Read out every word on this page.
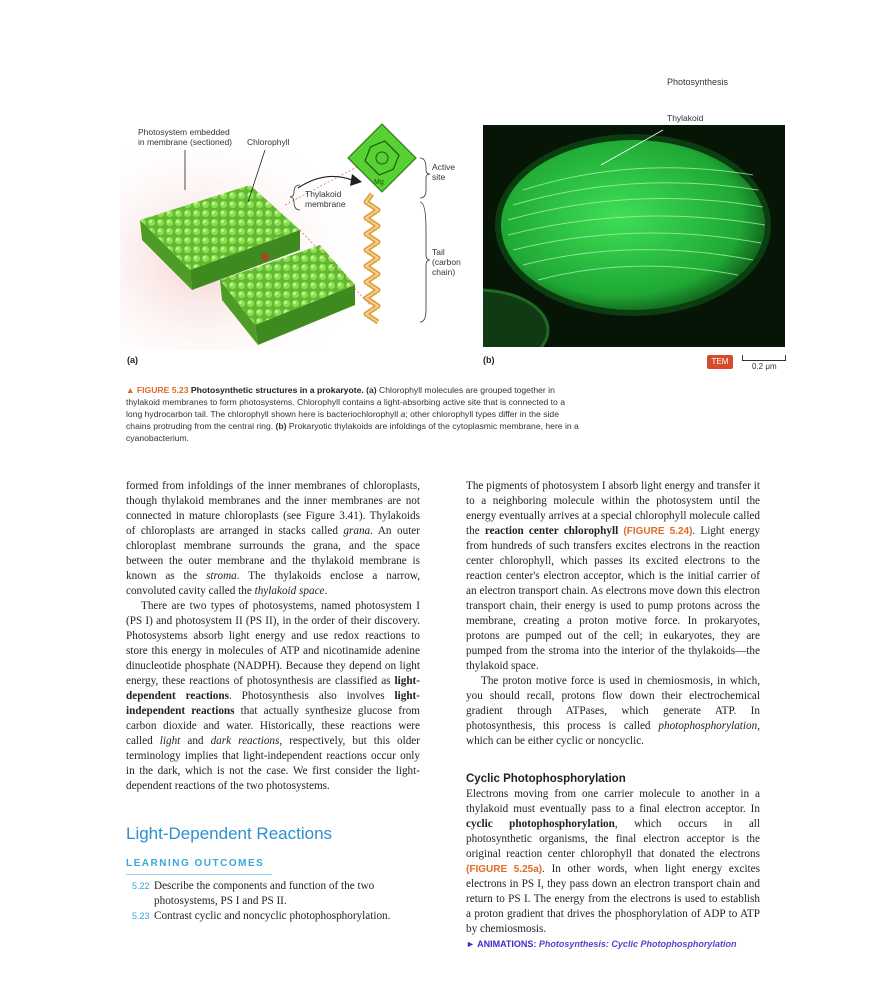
Photosynthesis
Photosystem embedded
in membrane (sectioned) Chlorophyll
Thylakoid
membrane
Active
site
Tail
(carbon
chain)
Mg
(a)
Thylakoid
(b)	TEM
0.2 μm
▲ FIGURE 5.23 Photosynthetic structures in a prokaryote. (a) Chlorophyll molecules are grouped together in thylakoid membranes to form photosystems. Chlorophyll contains a light-absorbing active site that is connected to a long hydrocarbon tail. The chlorophyll shown here is bacteriochlorophyll a; other chlorophyll types differ in the side chains protruding from the central ring. (b) Prokaryotic thylakoids are infoldings of the cytoplasmic membrane, here in a cyanobacterium.

formed from infoldings of the inner membranes of chloroplasts, though thylakoid membranes and the inner membranes are not connected in mature chloroplasts (see Figure 3.41). Thylakoids of chloroplasts are arranged in stacks called grana. An outer chloroplast membrane surrounds the grana, and the space between the outer membrane and the thylakoid membrane is known as the stroma. The thylakoids enclose a narrow, convoluted cavity called the thylakoid space.

There are two types of photosystems, named photosystem I (PS I) and photosystem II (PS II), in the order of their discovery. Photosystems absorb light energy and use redox reactions to store this energy in molecules of ATP and nicotinamide adenine dinucleotide phosphate (NADPH). Because they depend on light energy, these reactions of photosynthesis are classified as light-dependent reactions. Photosynthesis also involves light-independent reactions that actually synthesize glucose from carbon dioxide and water. Historically, these reactions were called light and dark reactions, respectively, but this older terminology implies that light-independent reactions occur only in the dark, which is not the case. We first consider the light-dependent reactions of the two photosystems.

Light-Dependent Reactions
LEARNING OUTCOMES
5.22 Describe the components and function of the two photosystems, PS I and PS II.
5.23 Contrast cyclic and noncyclic photophosphorylation.

The pigments of photosystem I absorb light energy and transfer it to a neighboring molecule within the photosystem until the energy eventually arrives at a special chlorophyll molecule called the reaction center chlorophyll (FIGURE 5.24). Light energy from hundreds of such transfers excites electrons in the reaction center chlorophyll, which passes its excited electrons to the reaction center's electron acceptor, which is the initial carrier of an electron transport chain. As electrons move down this electron transport chain, their energy is used to pump protons across the membrane, creating a proton motive force. In prokaryotes, protons are pumped out of the cell; in eukaryotes, they are pumped from the stroma into the interior of the thylakoids—the thylakoid space.

The proton motive force is used in chemiosmosis, in which, you should recall, protons flow down their electrochemical gradient through ATPases, which generate ATP. In photosynthesis, this process is called photophosphorylation, which can be either cyclic or noncyclic.

Cyclic Photophosphorylation

Electrons moving from one carrier molecule to another in a thylakoid must eventually pass to a final electron acceptor. In cyclic photophosphorylation, which occurs in all photosynthetic organisms, the final electron acceptor is the original reaction center chlorophyll that donated the electrons (FIGURE 5.25a). In other words, when light energy excites electrons in PS I, they pass down an electron transport chain and return to PS I. The energy from the electrons is used to establish a proton gradient that drives the phosphorylation of ADP to ATP by chemiosmosis.

► ANIMATIONS: Photosynthesis: Cyclic Photophosphorylation
